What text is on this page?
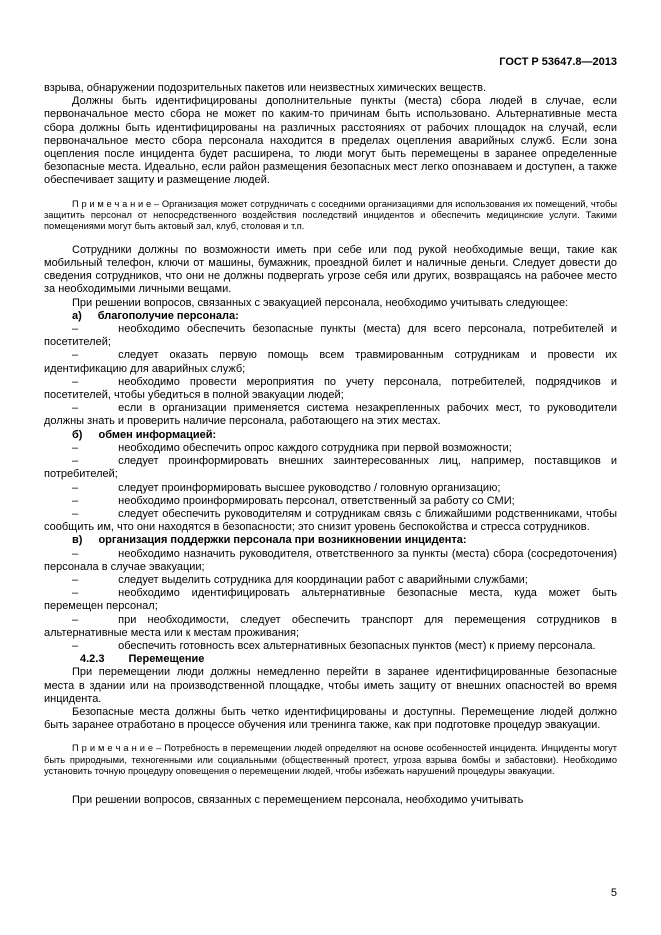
ГОСТ Р 53647.8—2013

взрыва, обнаружении подозрительных пакетов или неизвестных химических веществ.

Должны быть идентифицированы дополнительные пункты (места) сбора людей в случае, если первоначальное место сбора не может по каким-то причинам быть использовано. Альтернативные места сбора должны быть идентифицированы на различных расстояниях от рабочих площадок на случай, если первоначальное место сбора персонала находится в пределах оцепления аварийных служб. Если зона оцепления после инцидента будет расширена, то люди могут быть перемещены в заранее определенные безопасные места. Идеально, если район размещения безопасных мест легко опознаваем и доступен, а также обеспечивает защиту и размещение людей.

П р и м е ч а н и е – Организация может сотрудничать с соседними организациями для использования их помещений, чтобы защитить персонал от непосредственного воздействия последствий инцидентов и обеспечить медицинские услуги. Такими помещениями могут быть актовый зал, клуб, столовая и т.п.

Сотрудники должны по возможности иметь при себе или под рукой необходимые вещи, такие как мобильный телефон, ключи от машины, бумажник, проездной билет и наличные деньги. Следует довести до сведения сотрудников, что они не должны подвергать угрозе себя или других, возвращаясь на рабочее место за необходимыми личными вещами.

При решении вопросов, связанных с эвакуацией персонала, необходимо учитывать следующее:

а) благополучие персонала:

–	необходимо обеспечить безопасные пункты (места) для всего персонала, потребителей и посетителей;

–	следует оказать первую помощь всем травмированным сотрудникам и провести их идентификацию для аварийных служб;

–	необходимо провести мероприятия по учету персонала, потребителей, подрядчиков и посетителей, чтобы убедиться в полной эвакуации людей;

–	если в организации применяется система незакрепленных рабочих мест, то руководители должны знать и проверить наличие персонала, работающего на этих местах.

б) обмен информацией:

–	необходимо обеспечить опрос каждого сотрудника при первой возможности;

–	следует проинформировать внешних заинтересованных лиц, например, поставщиков и потребителей;

–	следует проинформировать высшее руководство / головную организацию;

–	необходимо проинформировать персонал, ответственный за работу со СМИ;

–	следует обеспечить руководителям и сотрудникам связь с ближайшими родственниками, чтобы сообщить им, что они находятся в безопасности; это снизит уровень беспокойства и стресса сотрудников.

в) организация поддержки персонала при возникновении инцидента:

–	необходимо назначить руководителя, ответственного за пункты (места) сбора (сосредоточения) персонала в случае эвакуации;

–	следует выделить сотрудника для координации работ с аварийными службами;

–	необходимо идентифицировать альтернативные безопасные места, куда может быть перемещен персонал;

–	при необходимости, следует обеспечить транспорт для перемещения сотрудников в альтернативные места или к местам проживания;

–	обеспечить готовность всех альтернативных безопасных пунктов (мест) к приему персонала.

4.2.3 Перемещение

При перемещении люди должны немедленно перейти в заранее идентифицированные безопасные места в здании или на производственной площадке, чтобы иметь защиту от внешних опасностей во время инцидента.

Безопасные места должны быть четко идентифицированы и доступны. Перемещение людей должно быть заранее отработано в процессе обучения или тренинга также, как при подготовке процедур эвакуации.

П р и м е ч а н и е – Потребность в перемещении людей определяют на основе особенностей инцидента. Инциденты могут быть природными, техногенными или социальными (общественный протест, угроза взрыва бомбы и забастовки). Необходимо установить точную процедуру оповещения о перемещении людей, чтобы избежать нарушений процедуры эвакуации.

При решении вопросов, связанных с перемещением персонала, необходимо учитывать

5
